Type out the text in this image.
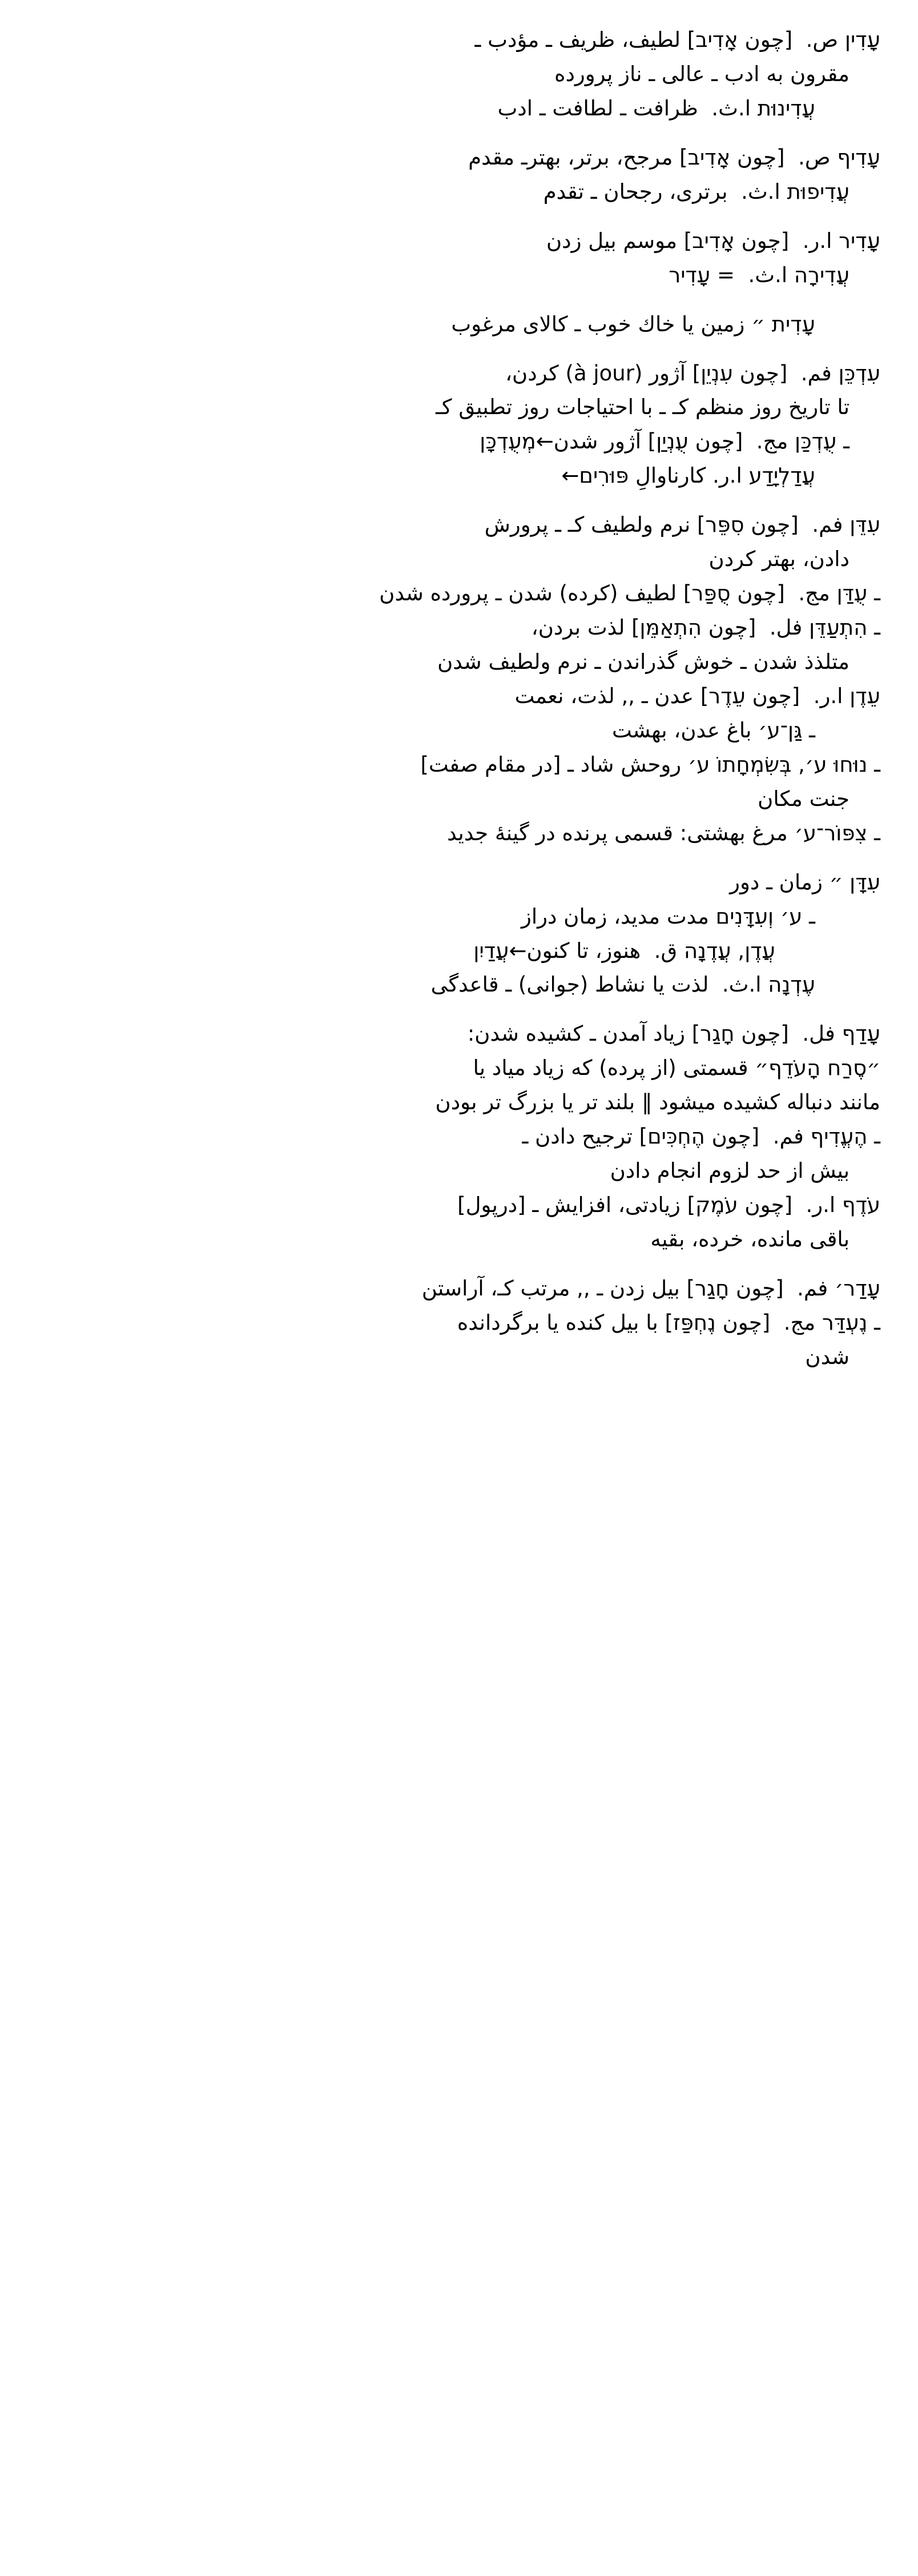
עָדִין ص.  [چون אָדִיב] لطيف، ظريف ـ مؤدب ـ
مقرون به ادب ـ عالى ـ ناز پرورده
עֲדִינוּת ا.ث.  ظرافت ـ لطافت ـ ادب
עָדִיף ص.  [چون אָדִיב] مرجح، برتر، بهترـ مقدم
עֲדִיפוּת ا.ث.  برترى، رجحان ـ تقدم
עָדִיר ا.ر.  [چون אָדִיב] موسم بيل زدن
עֲדִירָה ا.ث.  = עָדִיר
עָדִית ״ زمين يا خاك خوب ـ كالاى مرغوب
עִדְכֵּן فم.  [چون עִנְיֵן] آژور (à jour) كردن،
تا تاريخ روز منظم كـ ـ با احتياجات روز تطبيق كـ
ـ עֻדְכַּן مج.  [چون עֻנְיַן] آژور شدن←מְעֻדְכָּן
עֲדַלְיָדַע ا.ر. كارناوالِ פּוּרִים←
עִדֵּן فم.  [چون סִפֵּר] نرم ولطيف كـ ـ پرورش
دادن، بهتر كردن
ـ עֻדַּן مج.  [چون סֻפַּר] لطيف (كرده) شدن ـ پرورده شدن
ـ הִתְעַדֵּן فل.  [چون הִתְאַמֵּן] لذت بردن،
متلذذ شدن ـ خوش گذراندن ـ نرم ولطيف شدن
עֵדֶן ا.ر.  [چون עֵדֶר] عدن ـ ,, لذت، نعمت
ـ גַּן־ע׳ باغ عدن، بهشت
ـ נוּחוּ ע׳, בְּשִׂמְחָתוֹ ע׳ روحش شاد ـ [در مقام صفت]
جنت مكان
ـ צִפּוֹר־ע׳ مرغ بهشتى: قسمى پرنده در گينهٔ جديد
עִדָּן ״ زمان ـ دور
ـ ע׳ וְעִדָּנִים مدت مديد، زمان دراز
עֲדֶן, עֲדֶנָה ق.  هنوز، تا كنون←עֲדַיִן
עֶדְנָה ا.ث.  لذت يا نشاط (جوانى) ـ قاعدگى
עָדַף فل.  [چون חָגַר] زياد آمدن ـ كشيده شدن:
״סֶרַח הָעֹדֵף״ قسمتى (از پرده) كه زياد مياد يا
مانند دنباله كشيده ميشود ‖ بلند تر يا بزرگ تر بودن
ـ הֶעֱדִיף فم.  [چون הֶחְכִּים] ترجيح دادن ـ
بيش از حد لزوم انجام دادن
עֹדֶף ا.ر.  [چون עֹמֶק] زيادتى، افزايش ـ [درپول]
باقى مانده، خرده، بقيه
עָדַר׳ فم.  [چون חָגַר] بيل زدن ـ ,, مرتب كـ، آراستن
ـ נֶעְדַּר مج.  [چون נֶחְפַּז] با بيل كنده يا برگردانده
شدن
